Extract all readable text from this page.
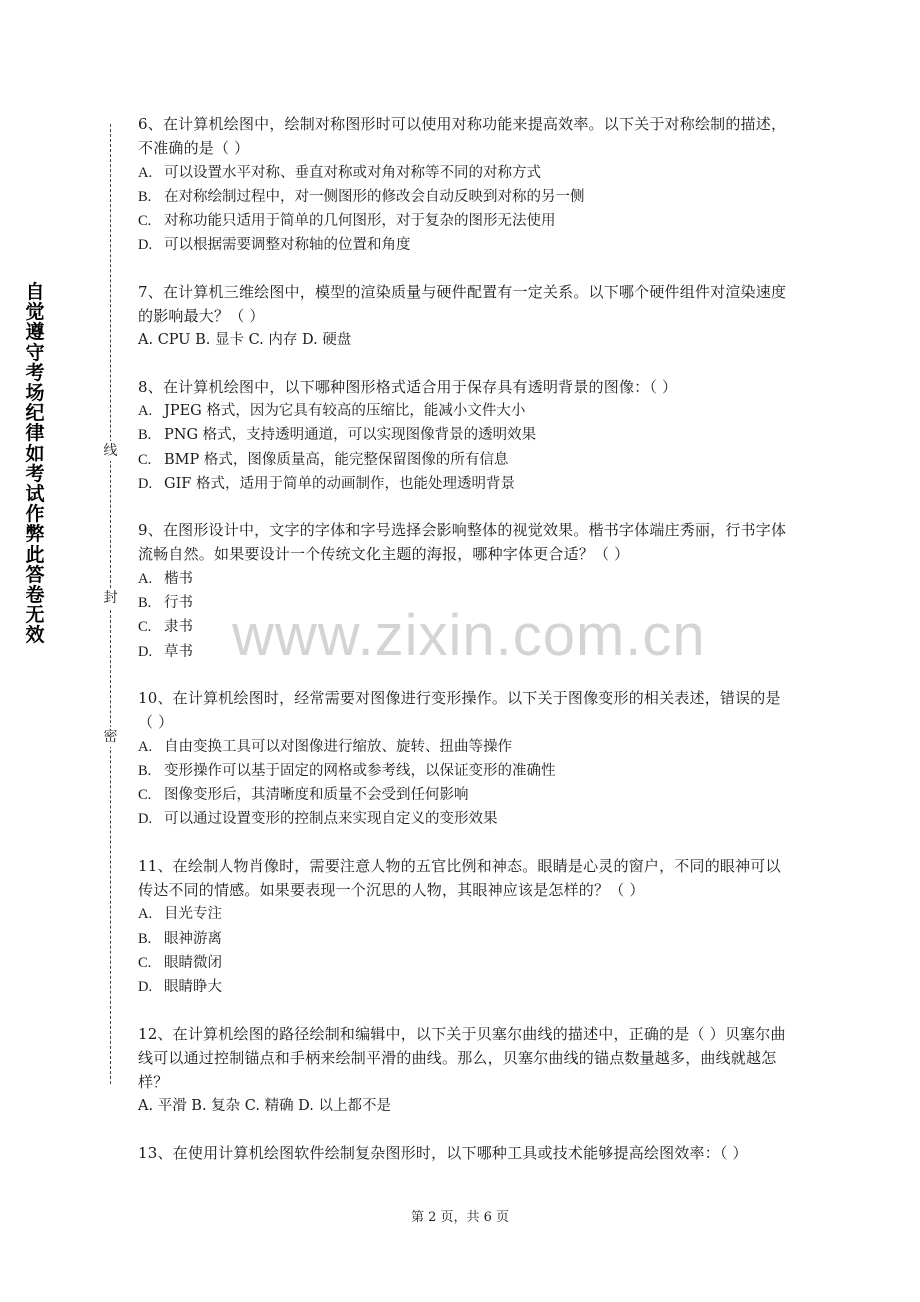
自觉遵守考场纪律如考试作弊此答卷无效
线
封
密
www.zixin.com.cn
6、在计算机绘图中，绘制对称图形时可以使用对称功能来提高效率。以下关于对称绘制的描述，不准确的是（ ）
A. 可以设置水平对称、垂直对称或对角对称等不同的对称方式
B. 在对称绘制过程中，对一侧图形的修改会自动反映到对称的另一侧
C. 对称功能只适用于简单的几何图形，对于复杂的图形无法使用
D. 可以根据需要调整对称轴的位置和角度
7、在计算机三维绘图中，模型的渲染质量与硬件配置有一定关系。以下哪个硬件组件对渲染速度的影响最大？（ ）
A. CPU B. 显卡 C. 内存 D. 硬盘
8、在计算机绘图中，以下哪种图形格式适合用于保存具有透明背景的图像：（ ）
A. JPEG 格式，因为它具有较高的压缩比，能减小文件大小
B. PNG 格式，支持透明通道，可以实现图像背景的透明效果
C. BMP 格式，图像质量高，能完整保留图像的所有信息
D. GIF 格式，适用于简单的动画制作，也能处理透明背景
9、在图形设计中，文字的字体和字号选择会影响整体的视觉效果。楷书字体端庄秀丽，行书字体流畅自然。如果要设计一个传统文化主题的海报，哪种字体更合适？（ ）
A. 楷书
B. 行书
C. 隶书
D. 草书
10、在计算机绘图时，经常需要对图像进行变形操作。以下关于图像变形的相关表述，错误的是（ ）
A. 自由变换工具可以对图像进行缩放、旋转、扭曲等操作
B. 变形操作可以基于固定的网格或参考线，以保证变形的准确性
C. 图像变形后，其清晰度和质量不会受到任何影响
D. 可以通过设置变形的控制点来实现自定义的变形效果
11、在绘制人物肖像时，需要注意人物的五官比例和神态。眼睛是心灵的窗户，不同的眼神可以传达不同的情感。如果要表现一个沉思的人物，其眼神应该是怎样的？（ ）
A. 目光专注
B. 眼神游离
C. 眼睛微闭
D. 眼睛睁大
12、在计算机绘图的路径绘制和编辑中，以下关于贝塞尔曲线的描述中，正确的是（ ）贝塞尔曲线可以通过控制锚点和手柄来绘制平滑的曲线。那么，贝塞尔曲线的锚点数量越多，曲线就越怎样？
A. 平滑 B. 复杂 C. 精确 D. 以上都不是
13、在使用计算机绘图软件绘制复杂图形时，以下哪种工具或技术能够提高绘图效率：（ ）
第 2 页，共 6 页
